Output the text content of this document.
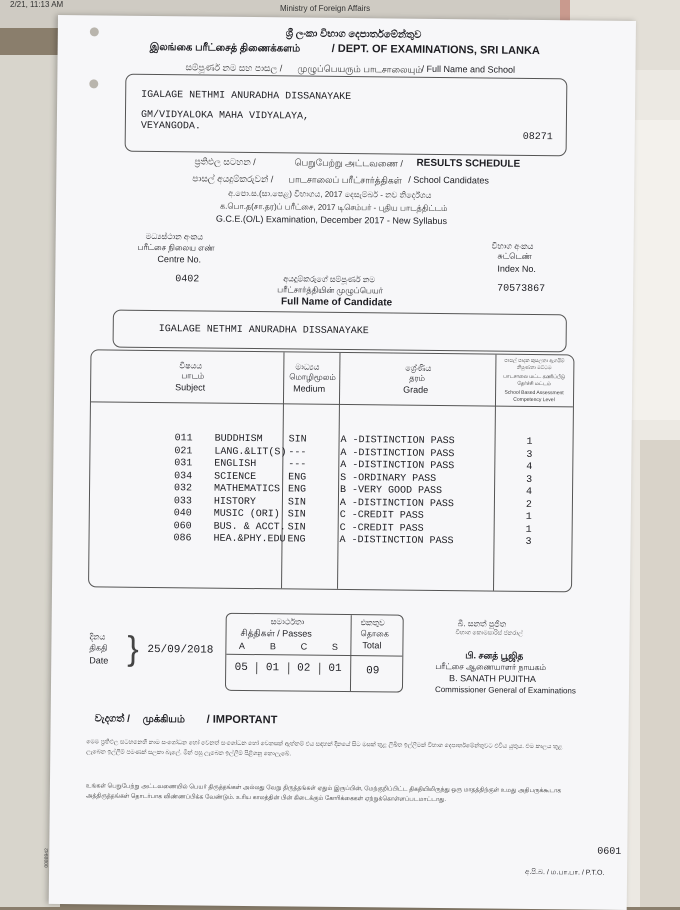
2/21, 11:13 AM	Ministry of Foreign Affairs
ශ්‍රී ලංකා විභාග දෙපාර්තමේන්තුව
இலங்கை பரீட்சைத் திணைக்களம்	/ DEPT. OF EXAMINATIONS, SRI LANKA
සම්පූර්ණ නම සහ පාසල / முழுப்பெயரும் பாடசாலையும்
/ Full Name and School
IGALAGE NETHMI ANURADHA DISSANAYAKE
GM/VIDYALOKA MAHA VIDYALAYA,
VEYANGODA.
08271
ප්‍රතිඵල සටහන /	பெறுபேற்று அட்டவணை / RESULTS SCHEDULE
පාසල් අයදුම්කරුවන් / பாடசாலைப் பரீட்சார்த்திகள் / School Candidates
අ.පො.ස.(සා.පෙළ) විභාගය, 2017 දෙසැම්බර් - නව නිර්දේශය
க.பொ.த(சா.தர)ப் பரீட்சை, 2017 டிசெம்பர் - புதிய பாடத்திட்டம்
G.C.E.(O/L) Examination, December 2017 - New Syllabus
මධ්‍යස්ථාන අංකය
பரீட்சை நிலைய எண்
Centre No.
0402
විභාග අංකය
சுட்டெண்
Index No.
70573867
අයදුම්කරුගේ සම්පූර්ණ නම
பரீட்சார்த்தியின் முழுப்பெயர்
Full Name of Candidate
IGALAGE NETHMI ANURADHA DISSANAYAKE
විෂයය
பாடம்
Subject
මාධ්‍යය
மொழிமூலம்
Medium
ශ්‍රේණිය
தரம்
Grade
පාසල් පාදක කුසලතා ඇගයීම් නිපුණතා මට්ටම
பாடசாலை மட்ட கணிப்பீடு தேர்ச்சி மட்டம்
School Based Assessment Competency Level
011 BUDDHISM	SIN	A -DISTINCTION PASS	1
021 LANG.&LIT(S) ---	A -DISTINCTION PASS	3
031 ENGLISH	---	A -DISTINCTION PASS	4
034 SCIENCE	ENG	S -ORDINARY PASS	3
032 MATHEMATICS ENG	B -VERY GOOD PASS	4
033 HISTORY	SIN	A -DISTINCTION PASS	2
040 MUSIC (ORI) SIN	C -CREDIT PASS	1
060 BUS. & ACCT. SIN	C -CREDIT PASS	1
086 HEA.&PHY.EDU ENG	A -DISTINCTION PASS	3
දිනය
திகதி
Date } 25/09/2018
සමාර්ථතා
சித்திகள் / Passes
A	B	C	S
එකතුව
தொகை
Total
05	01	02	01	09
බී. සනත් පූජිත
විභාග කොමසාරිස් ජනරාල්
பி. சனத் பூஜித
பரீட்சை ஆணையாளர் நாயகம்
B. SANATH PUJITHA
Commissioner General of Examinations
වැදගත් / முக்கியம் / IMPORTANT
මෙම ප්‍රතිඵල සටහනෙහි නාම සංශෝධන හෝ වෙනත් සංශෝධන හෝ වෙනසක් ඇත්නම් එය සඳහන් දිනයේ සිට මසක් තුළ ලිඛිත ඉල්ලීමක් විභාග දෙපාර්තමේන්තුවට එවිය යුතුය. එම කාලය තුළ ලැබෙන ඉල්ලීම් පමණක් සලකා බැලේ. මින් පසු ලැබෙන ඉල්ලීම් පිළිගනු නොලැබේ.
உங்கள் பெறுபேற்று அட்டவணையில் பெயர் திருத்தங்கள் அல்லது வேறு திருத்தங்கள் ஏதும் இருப்பின், மேற்குறிப்பிட்ட திகதியிலிருந்து ஒரு மாதத்திற்குள் உமது அதிபருக்கூடாக அத்திருத்தங்கள் தொடர்பாக விண்ணப்பிக்க வேண்டும். உரிய காலத்தின் பின் கிடைக்கும் கோரிக்கைகள் ஏற்றுக்கொள்ளப்படமாட்டாது.
0601
අ.පි.බ. / ம.பா.பா. / P.T.O.
0088942
